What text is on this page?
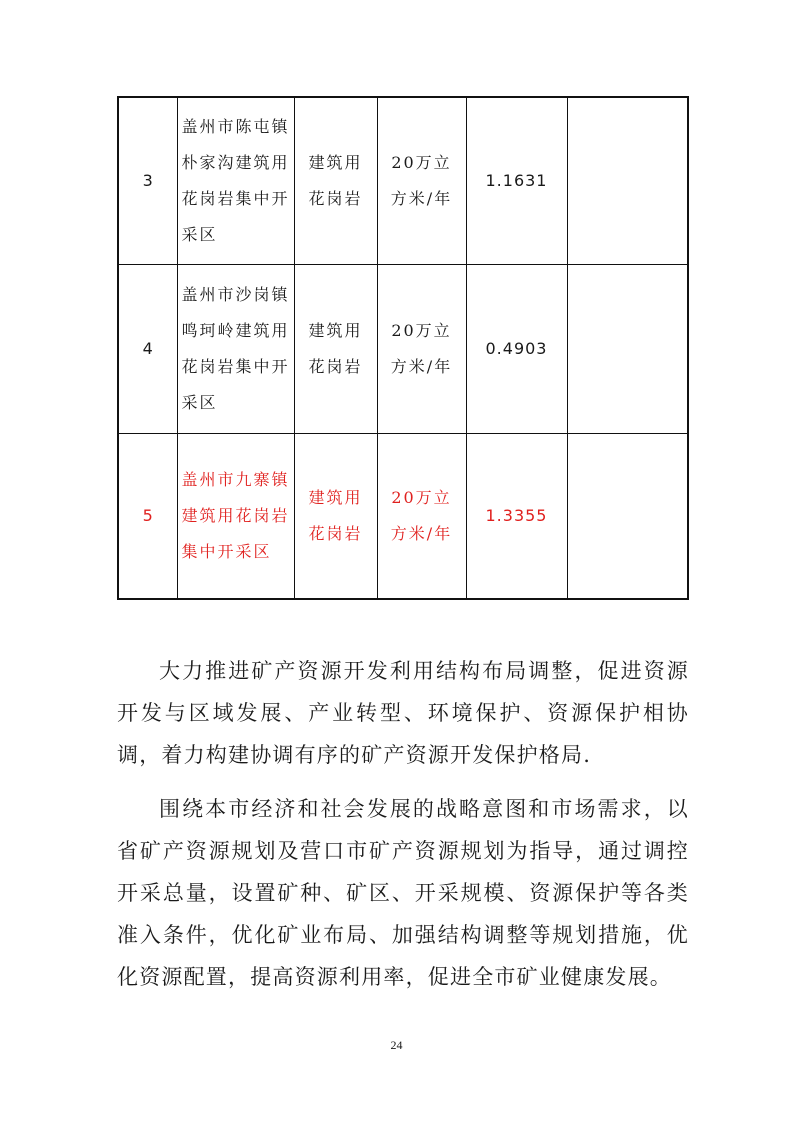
3	盖州市陈屯镇朴家沟建筑用花岗岩集中开采区	建筑用花岗岩	20万立方米/年	1.1631	
4	盖州市沙岗镇鸣珂岭建筑用花岗岩集中开采区	建筑用花岗岩	20万立方米/年	0.4903	
5	盖州市九寨镇建筑用花岗岩集中开采区	建筑用花岗岩	20万立方米/年	1.3355	

大力推进矿产资源开发利用结构布局调整，促进资源开发与区域发展、产业转型、环境保护、资源保护相协调，着力构建协调有序的矿产资源开发保护格局.

围绕本市经济和社会发展的战略意图和市场需求，以省矿产资源规划及营口市矿产资源规划为指导，通过调控开采总量，设置矿种、矿区、开采规模、资源保护等各类准入条件，优化矿业布局、加强结构调整等规划措施，优化资源配置，提高资源利用率，促进全市矿业健康发展。

24
